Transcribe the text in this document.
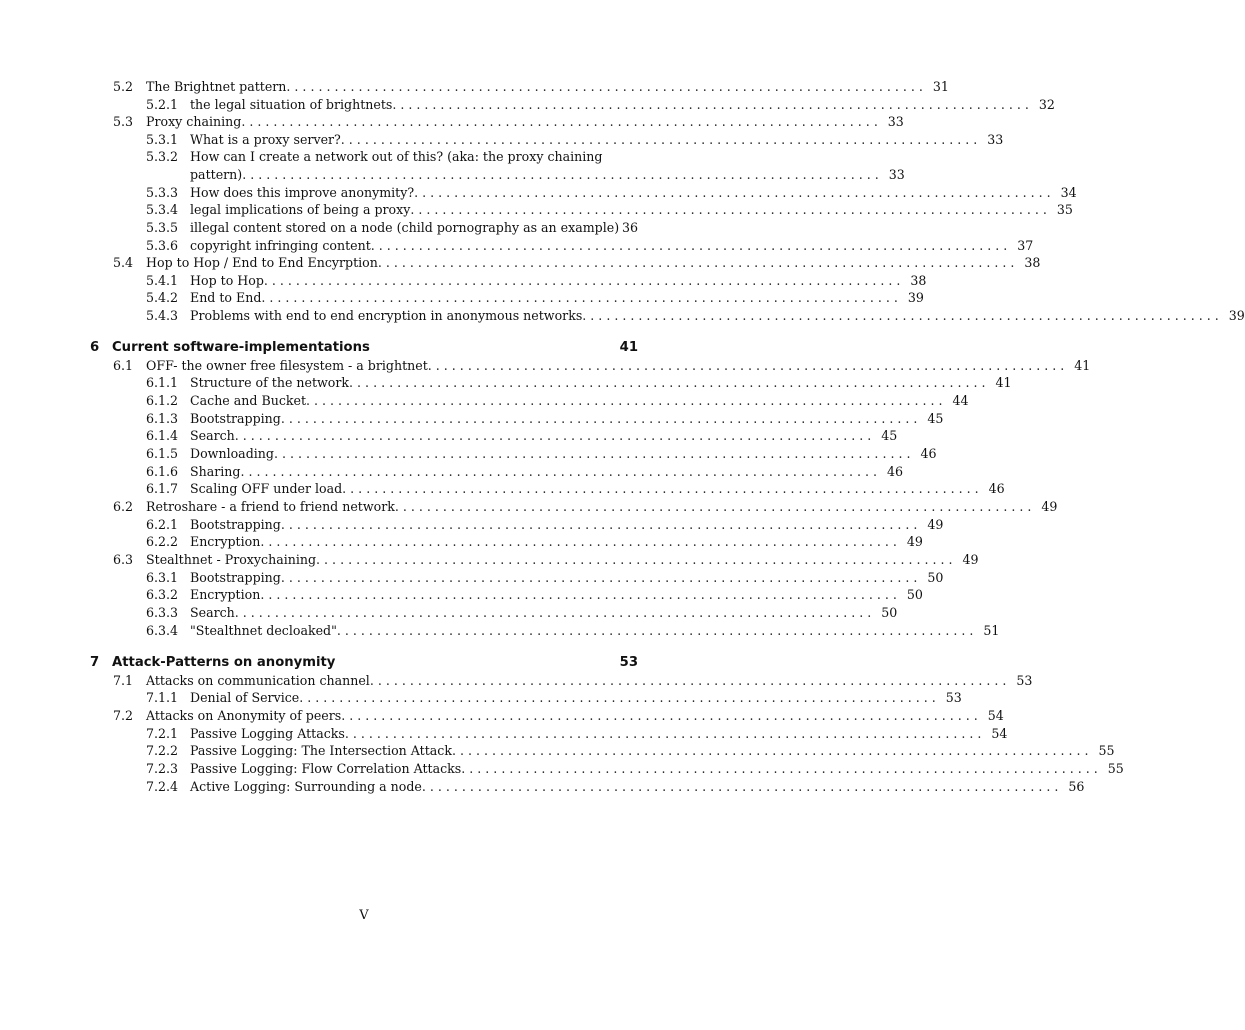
5.2	The Brightnet pattern . . . . . . . . . . . . . . . . . . . . . . . . . . . . . . . . . . . . . . . . . . . . . . . . . . . . . . . . . . . . . . . . . . . . . . . . . . . . . . . . 31
5.2.1 the legal situation of brightnets . . . . . . . . . . . . . . . . . . . . . . . . . . . . . . . . . . . . . . . . . . . . . . . . . . . . . . . . . . . . . . . . . . . . . . . . . . . . . . . . 32
5.3	Proxy chaining . . . . . . . . . . . . . . . . . . . . . . . . . . . . . . . . . . . . . . . . . . . . . . . . . . . . . . . . . . . . . . . . . . . . . . . . . . . . . . . . 33
5.3.1 What is a proxy server? . . . . . . . . . . . . . . . . . . . . . . . . . . . . . . . . . . . . . . . . . . . . . . . . . . . . . . . . . . . . . . . . . . . . . . . . . . . . . . . . 33
5.3.2 How can I create a network out of this? (aka: the proxy chaining
pattern) . . . . . . . . . . . . . . . . . . . . . . . . . . . . . . . . . . . . . . . . . . . . . . . . . . . . . . . . . . . . . . . . . . . . . . . . . . . . . . . . 33
5.3.3 How does this improve anonymity? . . . . . . . . . . . . . . . . . . . . . . . . . . . . . . . . . . . . . . . . . . . . . . . . . . . . . . . . . . . . . . . . . . . . . . . . . . . . . . . . 34
5.3.4 legal implications of being a proxy . . . . . . . . . . . . . . . . . . . . . . . . . . . . . . . . . . . . . . . . . . . . . . . . . . . . . . . . . . . . . . . . . . . . . . . . . . . . . . . . 35
5.3.5 illegal content stored on a node (child pornography as an example) 36
5.3.6 copyright infringing content . . . . . . . . . . . . . . . . . . . . . . . . . . . . . . . . . . . . . . . . . . . . . . . . . . . . . . . . . . . . . . . . . . . . . . . . . . . . . . . . 37
5.4	Hop to Hop / End to End Encyrption . . . . . . . . . . . . . . . . . . . . . . . . . . . . . . . . . . . . . . . . . . . . . . . . . . . . . . . . . . . . . . . . . . . . . . . . . . . . . . . . 38
5.4.1 Hop to Hop . . . . . . . . . . . . . . . . . . . . . . . . . . . . . . . . . . . . . . . . . . . . . . . . . . . . . . . . . . . . . . . . . . . . . . . . . . . . . . . . 38
5.4.2 End to End . . . . . . . . . . . . . . . . . . . . . . . . . . . . . . . . . . . . . . . . . . . . . . . . . . . . . . . . . . . . . . . . . . . . . . . . . . . . . . . . 39
5.4.3 Problems with end to end encryption in anonymous networks . . . . . . . . . . . . . . . . . . . . . . . . . . . . . . . . . . . . . . . . . . . . . . . . . . . . . . . . . . . . . . . . . . . . . . . . . . . . . . . . 39
6 Current software-implementations	41
6.1	OFF- the owner free filesystem - a brightnet . . . . . . . . . . . . . . . . . . . . . . . . . . . . . . . . . . . . . . . . . . . . . . . . . . . . . . . . . . . . . . . . . . . . . . . . . . . . . . . . 41
6.1.1 Structure of the network . . . . . . . . . . . . . . . . . . . . . . . . . . . . . . . . . . . . . . . . . . . . . . . . . . . . . . . . . . . . . . . . . . . . . . . . . . . . . . . . 41
6.1.2 Cache and Bucket . . . . . . . . . . . . . . . . . . . . . . . . . . . . . . . . . . . . . . . . . . . . . . . . . . . . . . . . . . . . . . . . . . . . . . . . . . . . . . . . 44
6.1.3 Bootstrapping . . . . . . . . . . . . . . . . . . . . . . . . . . . . . . . . . . . . . . . . . . . . . . . . . . . . . . . . . . . . . . . . . . . . . . . . . . . . . . . . 45
6.1.4 Search . . . . . . . . . . . . . . . . . . . . . . . . . . . . . . . . . . . . . . . . . . . . . . . . . . . . . . . . . . . . . . . . . . . . . . . . . . . . . . . . 45
6.1.5 Downloading . . . . . . . . . . . . . . . . . . . . . . . . . . . . . . . . . . . . . . . . . . . . . . . . . . . . . . . . . . . . . . . . . . . . . . . . . . . . . . . . 46
6.1.6 Sharing . . . . . . . . . . . . . . . . . . . . . . . . . . . . . . . . . . . . . . . . . . . . . . . . . . . . . . . . . . . . . . . . . . . . . . . . . . . . . . . . 46
6.1.7 Scaling OFF under load . . . . . . . . . . . . . . . . . . . . . . . . . . . . . . . . . . . . . . . . . . . . . . . . . . . . . . . . . . . . . . . . . . . . . . . . . . . . . . . . 46
6.2	Retroshare - a friend to friend network . . . . . . . . . . . . . . . . . . . . . . . . . . . . . . . . . . . . . . . . . . . . . . . . . . . . . . . . . . . . . . . . . . . . . . . . . . . . . . . . 49
6.2.1 Bootstrapping . . . . . . . . . . . . . . . . . . . . . . . . . . . . . . . . . . . . . . . . . . . . . . . . . . . . . . . . . . . . . . . . . . . . . . . . . . . . . . . . 49
6.2.2 Encryption . . . . . . . . . . . . . . . . . . . . . . . . . . . . . . . . . . . . . . . . . . . . . . . . . . . . . . . . . . . . . . . . . . . . . . . . . . . . . . . . 49
6.3	Stealthnet - Proxychaining . . . . . . . . . . . . . . . . . . . . . . . . . . . . . . . . . . . . . . . . . . . . . . . . . . . . . . . . . . . . . . . . . . . . . . . . . . . . . . . . 49
6.3.1 Bootstrapping . . . . . . . . . . . . . . . . . . . . . . . . . . . . . . . . . . . . . . . . . . . . . . . . . . . . . . . . . . . . . . . . . . . . . . . . . . . . . . . . 50
6.3.2 Encryption . . . . . . . . . . . . . . . . . . . . . . . . . . . . . . . . . . . . . . . . . . . . . . . . . . . . . . . . . . . . . . . . . . . . . . . . . . . . . . . . 50
6.3.3 Search . . . . . . . . . . . . . . . . . . . . . . . . . . . . . . . . . . . . . . . . . . . . . . . . . . . . . . . . . . . . . . . . . . . . . . . . . . . . . . . . 50
6.3.4 "Stealthnet decloaked" . . . . . . . . . . . . . . . . . . . . . . . . . . . . . . . . . . . . . . . . . . . . . . . . . . . . . . . . . . . . . . . . . . . . . . . . . . . . . . . . 51
7 Attack-Patterns on anonymity	53
7.1	Attacks on communication channel . . . . . . . . . . . . . . . . . . . . . . . . . . . . . . . . . . . . . . . . . . . . . . . . . . . . . . . . . . . . . . . . . . . . . . . . . . . . . . . . 53
7.1.1 Denial of Service . . . . . . . . . . . . . . . . . . . . . . . . . . . . . . . . . . . . . . . . . . . . . . . . . . . . . . . . . . . . . . . . . . . . . . . . . . . . . . . . 53
7.2	Attacks on Anonymity of peers . . . . . . . . . . . . . . . . . . . . . . . . . . . . . . . . . . . . . . . . . . . . . . . . . . . . . . . . . . . . . . . . . . . . . . . . . . . . . . . . 54
7.2.1 Passive Logging Attacks . . . . . . . . . . . . . . . . . . . . . . . . . . . . . . . . . . . . . . . . . . . . . . . . . . . . . . . . . . . . . . . . . . . . . . . . . . . . . . . . 54
7.2.2 Passive Logging: The Intersection Attack . . . . . . . . . . . . . . . . . . . . . . . . . . . . . . . . . . . . . . . . . . . . . . . . . . . . . . . . . . . . . . . . . . . . . . . . . . . . . . . . 55
7.2.3 Passive Logging: Flow Correlation Attacks . . . . . . . . . . . . . . . . . . . . . . . . . . . . . . . . . . . . . . . . . . . . . . . . . . . . . . . . . . . . . . . . . . . . . . . . . . . . . . . . 55
7.2.4 Active Logging: Surrounding a node . . . . . . . . . . . . . . . . . . . . . . . . . . . . . . . . . . . . . . . . . . . . . . . . . . . . . . . . . . . . . . . . . . . . . . . . . . . . . . . . 56
V
